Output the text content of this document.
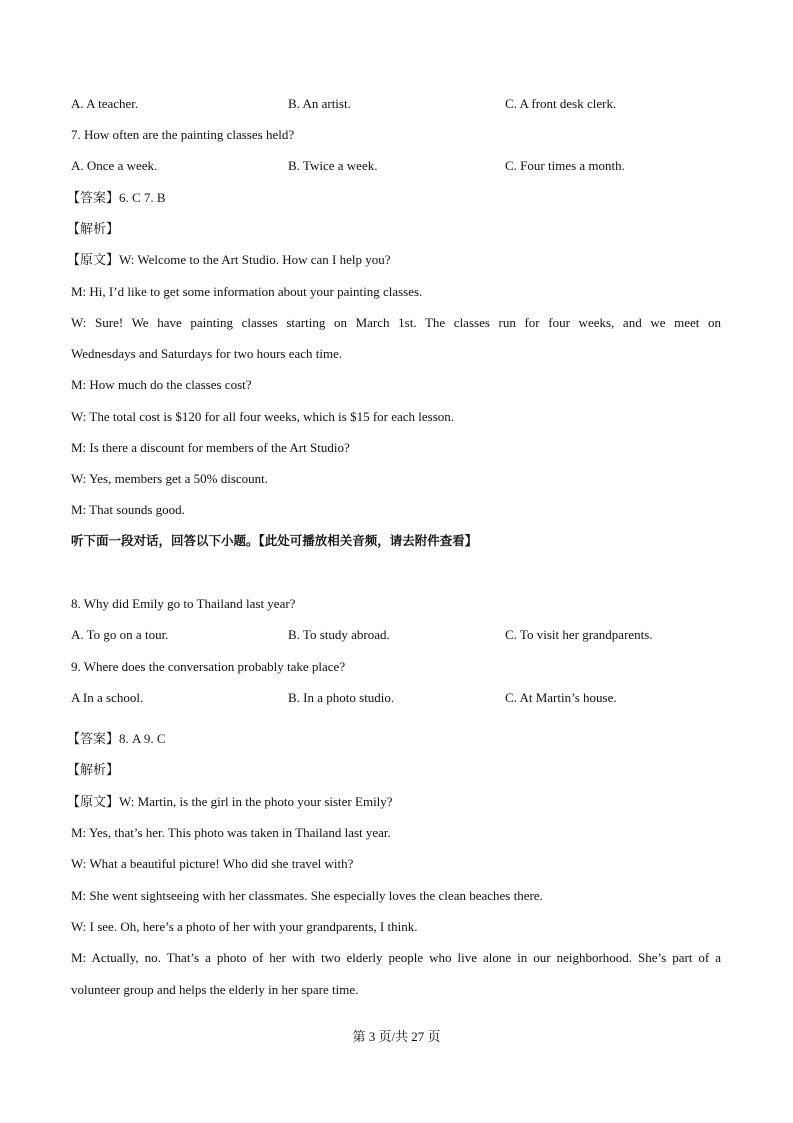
A. A teacher.	B. An artist.	C. A front desk clerk.
7. How often are the painting classes held?
A. Once a week.	B. Twice a week.	C. Four times a month.
【答案】6. C 7. B
【解析】
【原文】W: Welcome to the Art Studio. How can I help you?
M: Hi, I’d like to get some information about your painting classes.
W: Sure! We have painting classes starting on March 1st. The classes run for four weeks, and we meet on
Wednesdays and Saturdays for two hours each time.
M: How much do the classes cost?
W: The total cost is $120 for all four weeks, which is $15 for each lesson.
M: Is there a discount for members of the Art Studio?
W: Yes, members get a 50% discount.
M: That sounds good.
听下面一段对话，回答以下小题。【此处可播放相关音频，请去附件查看】
8. Why did Emily go to Thailand last year?
A. To go on a tour.	B. To study abroad.	C. To visit her grandparents.
9. Where does the conversation probably take place?
A In a school.	B. In a photo studio.	C. At Martin’s house.
【答案】8. A 9. C
【解析】
【原文】W: Martin, is the girl in the photo your sister Emily?
M: Yes, that’s her. This photo was taken in Thailand last year.
W: What a beautiful picture! Who did she travel with?
M: She went sightseeing with her classmates. She especially loves the clean beaches there.
W: I see. Oh, here’s a photo of her with your grandparents, I think.
M: Actually, no. That’s a photo of her with two elderly people who live alone in our neighborhood. She’s part of a
volunteer group and helps the elderly in her spare time.
第 3 页/共 27 页
